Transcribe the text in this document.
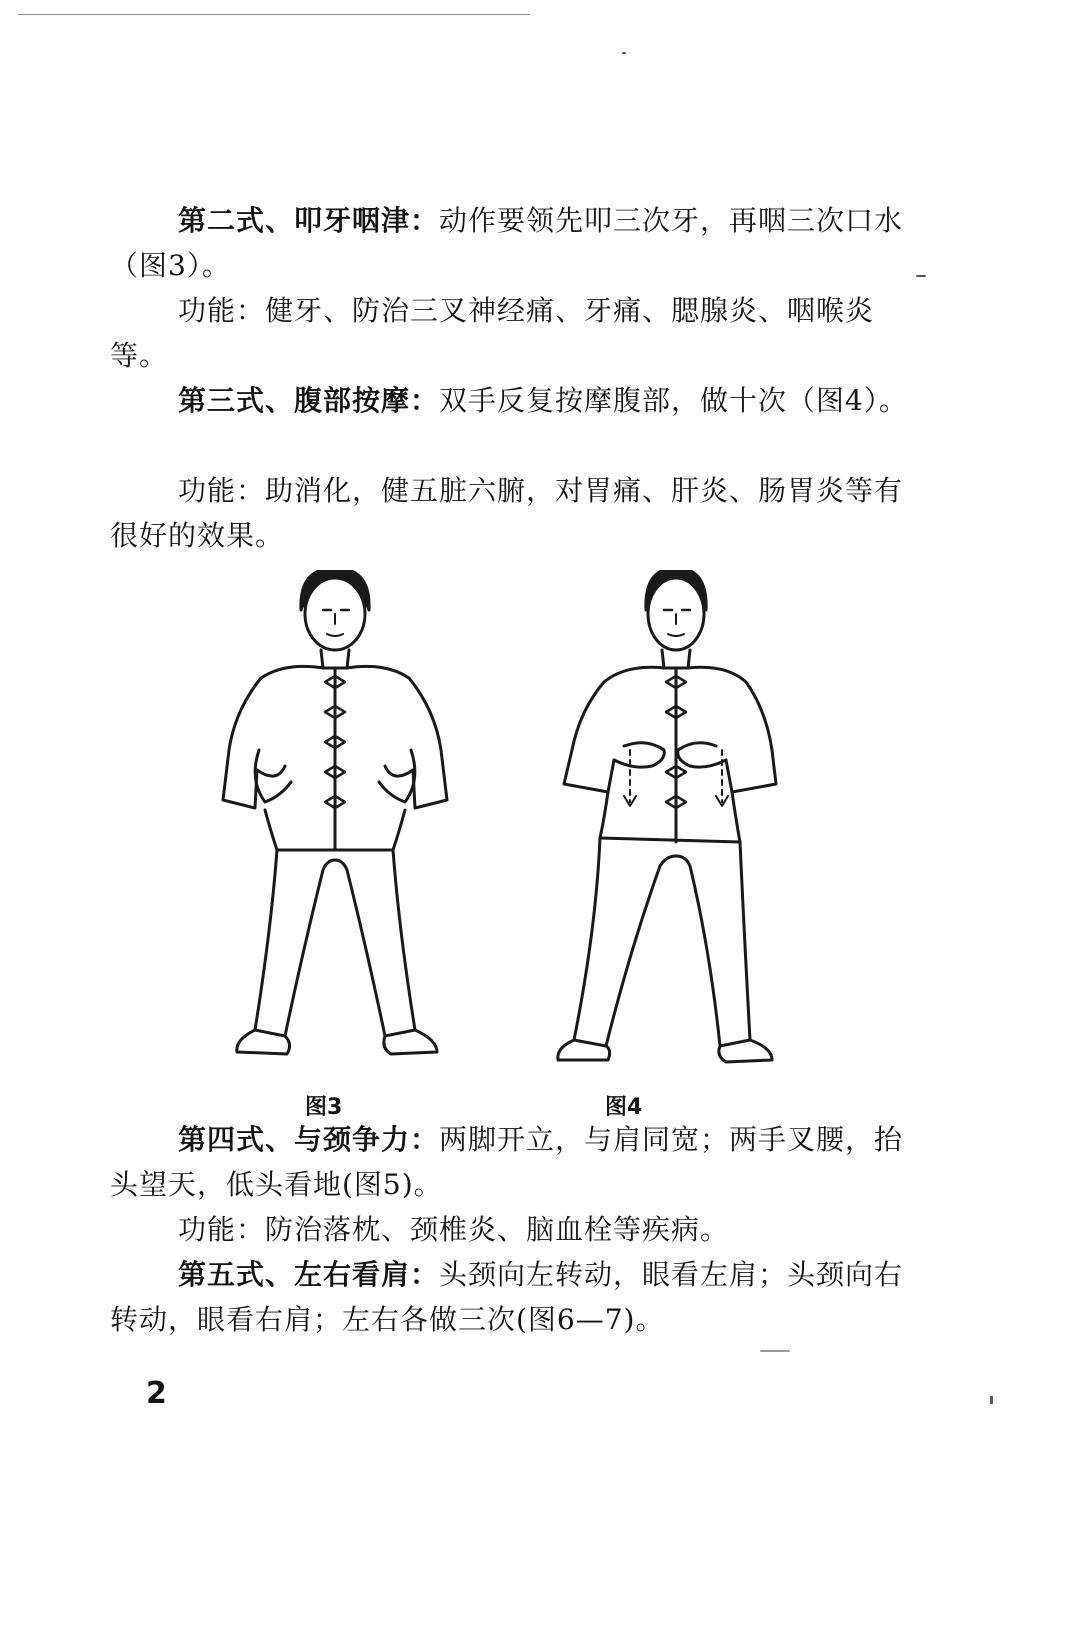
第二式、叩牙咽津：动作要领先叩三次牙，再咽三次口水（图3）。

功能：健牙、防治三叉神经痛、牙痛、腮腺炎、咽喉炎等。

第三式、腹部按摩：双手反复按摩腹部，做十次（图4）。

功能：助消化，健五脏六腑，对胃痛、肝炎、肠胃炎等有很好的效果。

图3	图4

第四式、与颈争力：两脚开立，与肩同宽；两手叉腰，抬头望天，低头看地(图5)。

功能：防治落枕、颈椎炎、脑血栓等疾病。

第五式、左右看肩：头颈向左转动，眼看左肩；头颈向右转动，眼看右肩；左右各做三次(图6—7)。

2
